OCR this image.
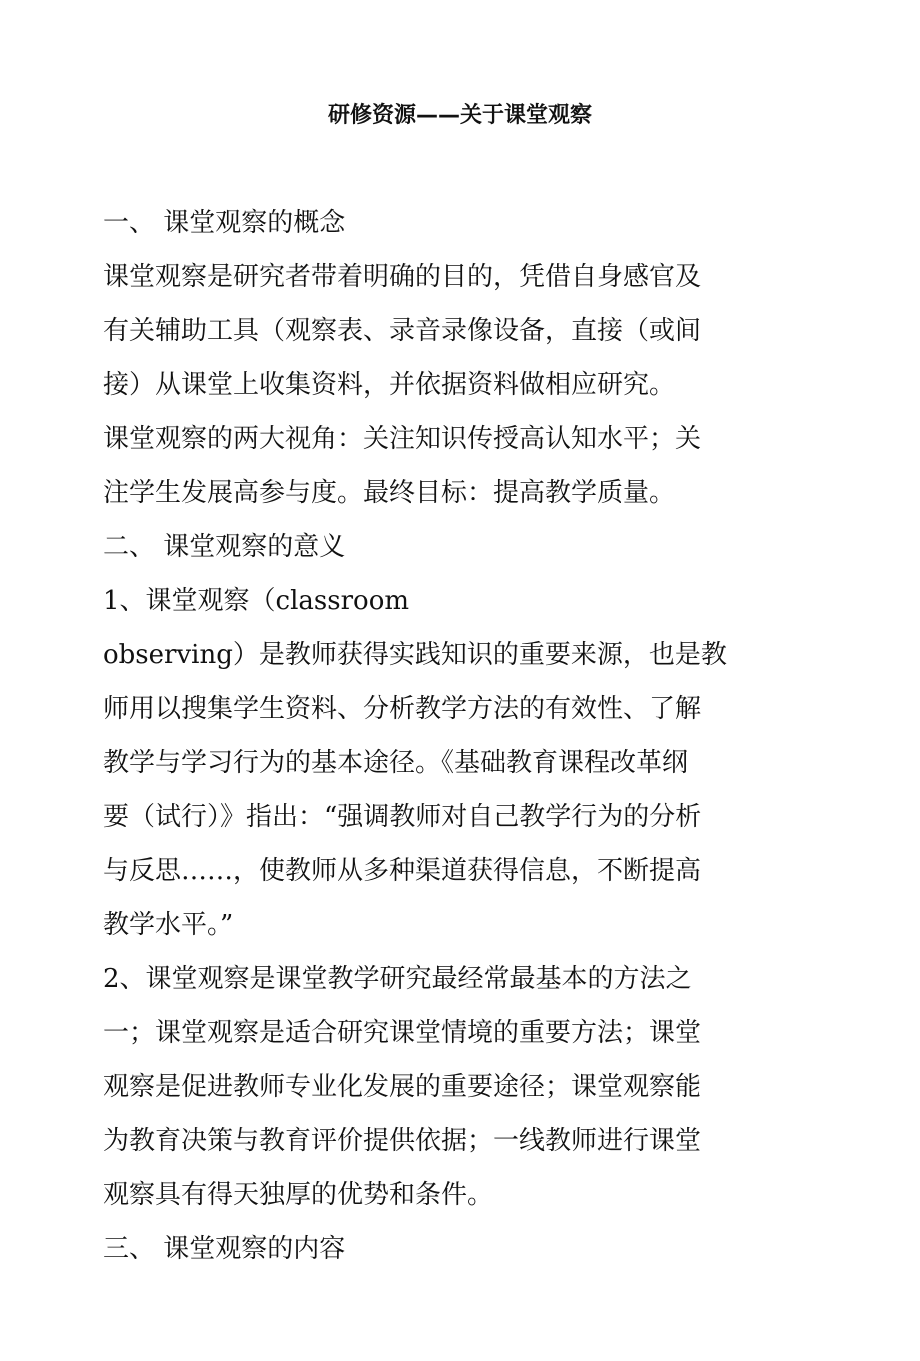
研修资源——关于课堂观察
一、 课堂观察的概念
课堂观察是研究者带着明确的目的，凭借自身感官及
有关辅助工具（观察表、录音录像设备，直接（或间
接）从课堂上收集资料，并依据资料做相应研究。
课堂观察的两大视角：关注知识传授高认知水平；关
注学生发展高参与度。最终目标：提高教学质量。
二、 课堂观察的意义
1、课堂观察（classroom
observing）是教师获得实践知识的重要来源，也是教
师用以搜集学生资料、分析教学方法的有效性、了解
教学与学习行为的基本途径。《基础教育课程改革纲
要（试行）》指出：“强调教师对自己教学行为的分析
与反思……，使教师从多种渠道获得信息，不断提高
教学水平。”
2、课堂观察是课堂教学研究最经常最基本的方法之
一；课堂观察是适合研究课堂情境的重要方法；课堂
观察是促进教师专业化发展的重要途径；课堂观察能
为教育决策与教育评价提供依据；一线教师进行课堂
观察具有得天独厚的优势和条件。
三、 课堂观察的内容
